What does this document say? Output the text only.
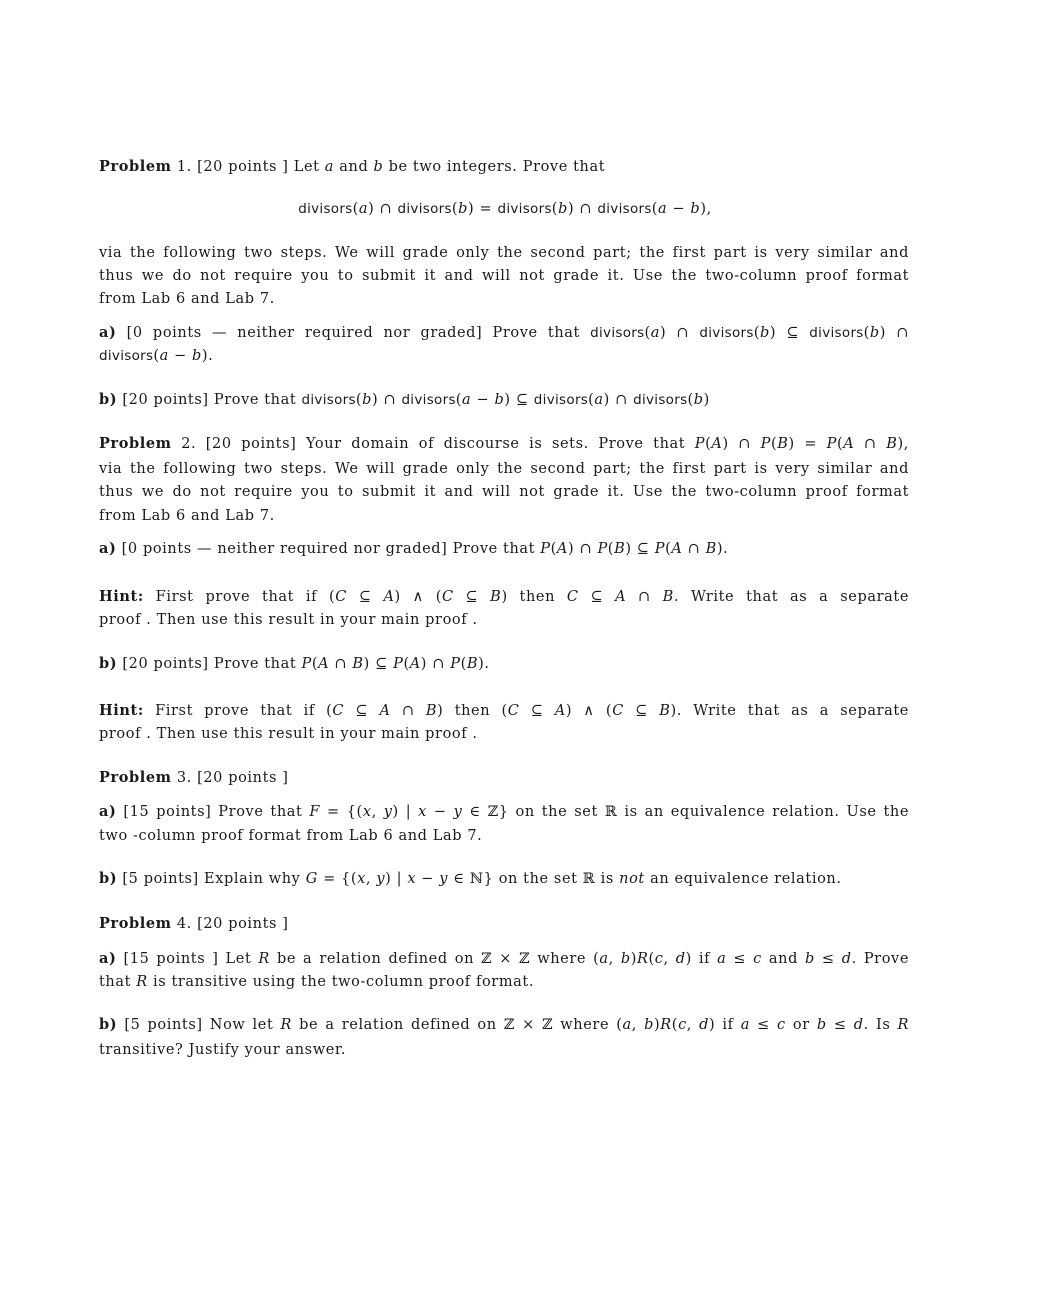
Problem 1. [20 points ] Let a and b be two integers. Prove that
divisors(a) ∩ divisors(b) = divisors(b) ∩ divisors(a − b),
via the following two steps. We will grade only the second part; the first part is very similar and
thus we do not require you to submit it and will not grade it. Use the two-column proof format
from Lab 6 and Lab 7.
a) [0 points — neither required nor graded] Prove that divisors(a) ∩ divisors(b) ⊆ divisors(b) ∩
divisors(a − b).
b) [20 points] Prove that divisors(b) ∩ divisors(a − b) ⊆ divisors(a) ∩ divisors(b)
Problem 2. [20 points] Your domain of discourse is sets. Prove that P(A) ∩ P(B) = P(A ∩ B),
via the following two steps. We will grade only the second part; the first part is very similar and
thus we do not require you to submit it and will not grade it. Use the two-column proof format
from Lab 6 and Lab 7.
a) [0 points — neither required nor graded] Prove that P(A) ∩ P(B) ⊆ P(A ∩ B).
Hint: First prove that if (C ⊆ A) ∧ (C ⊆ B) then C ⊆ A ∩ B. Write that as a separate
proof . Then use this result in your main proof .
b) [20 points] Prove that P(A ∩ B) ⊆ P(A) ∩ P(B).
Hint: First prove that if (C ⊆ A ∩ B) then (C ⊆ A) ∧ (C ⊆ B). Write that as a separate
proof . Then use this result in your main proof .
Problem 3. [20 points ]
a) [15 points] Prove that F = {(x, y) | x − y ∈ ℤ} on the set ℝ is an equivalence relation. Use the
two -column proof format from Lab 6 and Lab 7.
b) [5 points] Explain why G = {(x, y) | x − y ∈ ℕ} on the set ℝ is not an equivalence relation.
Problem 4. [20 points ]
a) [15 points ] Let R be a relation defined on ℤ × ℤ where (a, b)R(c, d) if a ≤ c and b ≤ d. Prove
that R is transitive using the two-column proof format.
b) [5 points] Now let R be a relation defined on ℤ × ℤ where (a, b)R(c, d) if a ≤ c or b ≤ d. Is R
transitive? Justify your answer.
